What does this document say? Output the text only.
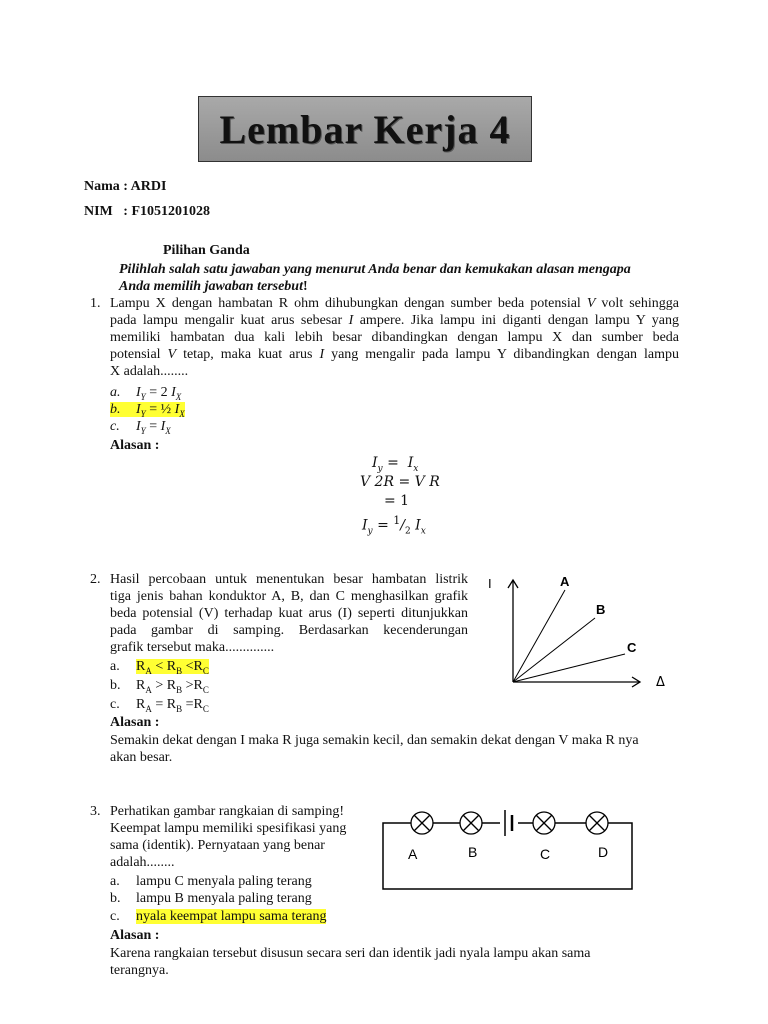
Lembar Kerja 4
Nama : ARDI
NIM   : F1051201028
Pilihan Ganda
Pilihlah salah satu jawaban yang menurut Anda benar dan kemukakan alasan mengapa
Anda memilih jawaban tersebut!
1. Lampu X dengan hambatan R ohm dihubungkan dengan sumber beda potensial V volt sehingga
pada lampu mengalir kuat arus sebesar I ampere. Jika lampu ini diganti dengan lampu Y yang
memiliki hambatan dua kali lebih besar dibandingkan dengan lampu X dan sumber beda
potensial V tetap, maka kuat arus I yang mengalir pada lampu Y dibandingkan dengan lampu
X adalah........
a. $I_Y = 2$ $I_X$
b. $I_Y$ = ½ $I_X$
c. $I_Y = I_X$
Alasan :
$I_y = I_x$
V 2R = V R
= 1
$I_y = ^1/_2$ $I_x$
2. Hasil percobaan untuk menentukan besar hambatan listrik
tiga jenis bahan konduktor A, B, dan C menghasilkan grafik
beda potensial (V) terhadap kuat arus (I) seperti ditunjukkan
pada gambar di samping. Berdasarkan kecenderungan
grafik tersebut maka..............
a. $R_A < R_B <R_C$
b. $R_A > R_B >R_C$
c. $R_A = R_B =R_C$
Alasan :
Semakin dekat dengan I maka R juga semakin kecil, dan semakin dekat dengan V maka R nya
akan besar.
I	A
B
C
Δ
3. Perhatikan gambar rangkaian di samping!
Keempat lampu memiliki spesifikasi yang
sama (identik). Pernyataan yang benar
adalah........
a. lampu C menyala paling terang
b. lampu B menyala paling terang
c. nyala keempat lampu sama terang
Alasan :
Karena rangkaian tersebut disusun secara seri dan identik jadi nyala lampu akan sama
terangnya.
A	B	C	D
